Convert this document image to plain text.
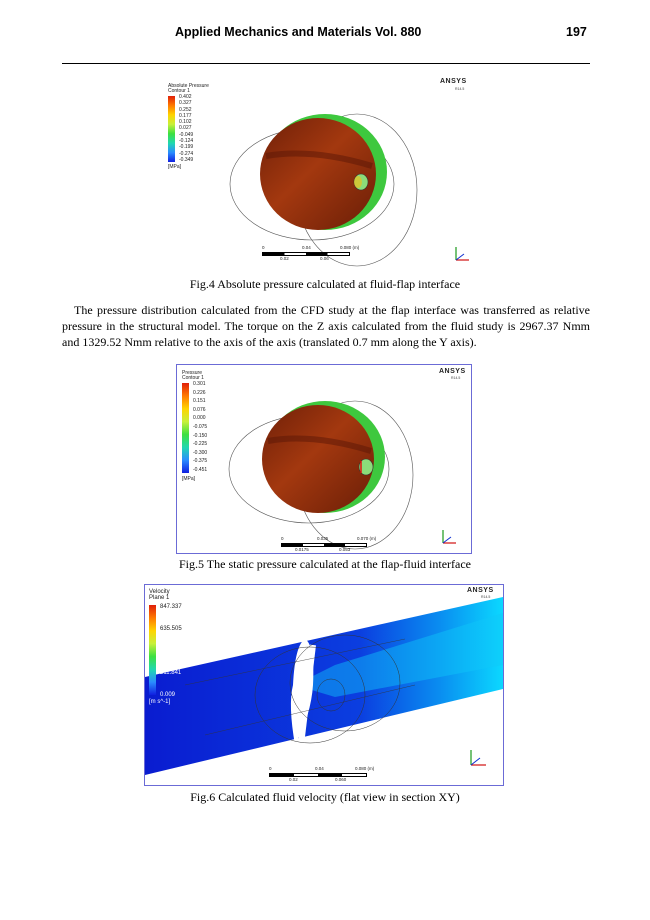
Applied Mechanics and Materials Vol. 880	197
Absolute Pressure
Contour 1
0.402
0.327
0.252
0.177
0.102
0.027
-0.049
-0.124
-0.199
-0.274
-0.349
[MPa]
ANSYS
R14.5
0	0.04	0.080 (m)
0.02	0.06
Fig.4 Absolute pressure calculated at fluid-flap interface

The pressure distribution calculated from the CFD study at the flap interface was transferred as relative pressure in the structural model. The torque on the Z axis calculated from the fluid study is 2967.37 Nmm and 1329.52 Nmm relative to the axis of the axis (translated 0.7 mm along the Y axis).

Pressure
Contour 1
0.301
0.226
0.151
0.076
0.000
-0.075
-0.150
-0.225
-0.300
-0.375
-0.451
[MPa]
ANSYS
R14.5
0	0.035	0.070 (m)
0.0175	0.053
Fig.5 The static pressure calculated at the flap-fluid interface
Velocity
Plane 1
847.337
635.505
423.673
211.841
0.009
[m s^-1]
ANSYS
R14.5
0	0.04	0.080 (m)
0.02	0.060
Fig.6 Calculated fluid velocity (flat view in section XY)
